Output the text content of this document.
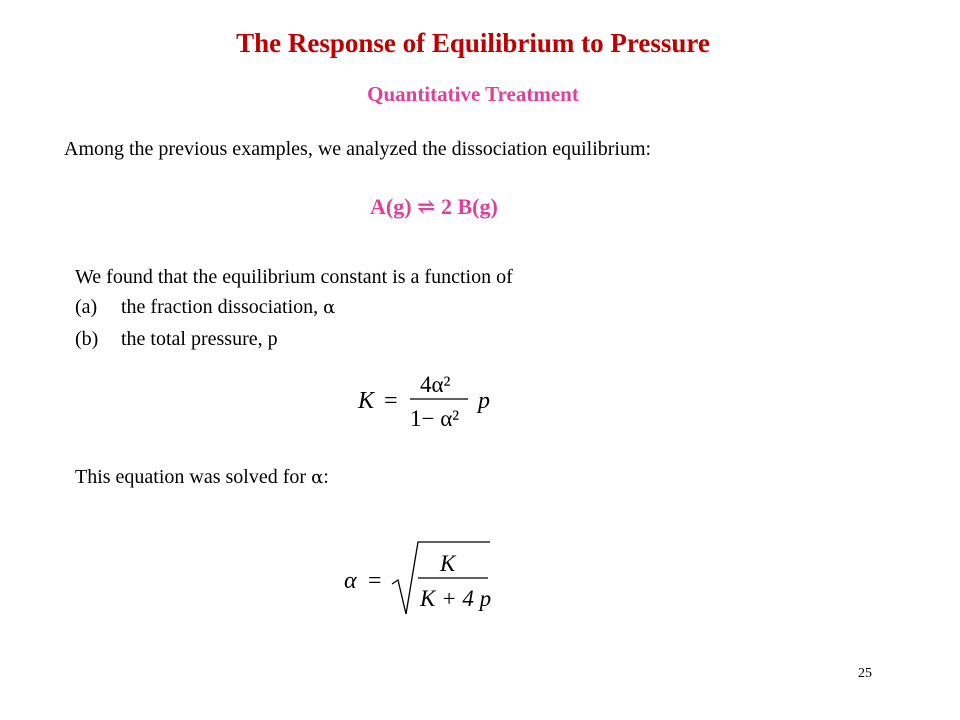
The Response of Equilibrium to Pressure
Quantitative Treatment
Among the previous examples, we analyzed the dissociation equilibrium:
A(g) ⇌ 2 B(g)
We found that the equilibrium constant is a function of
(a) the fraction dissociation, α
(b) the total pressure, p
K =
4α²
1− α²
p
This equation was solved for α:
α =
K
K + 4 p
25
